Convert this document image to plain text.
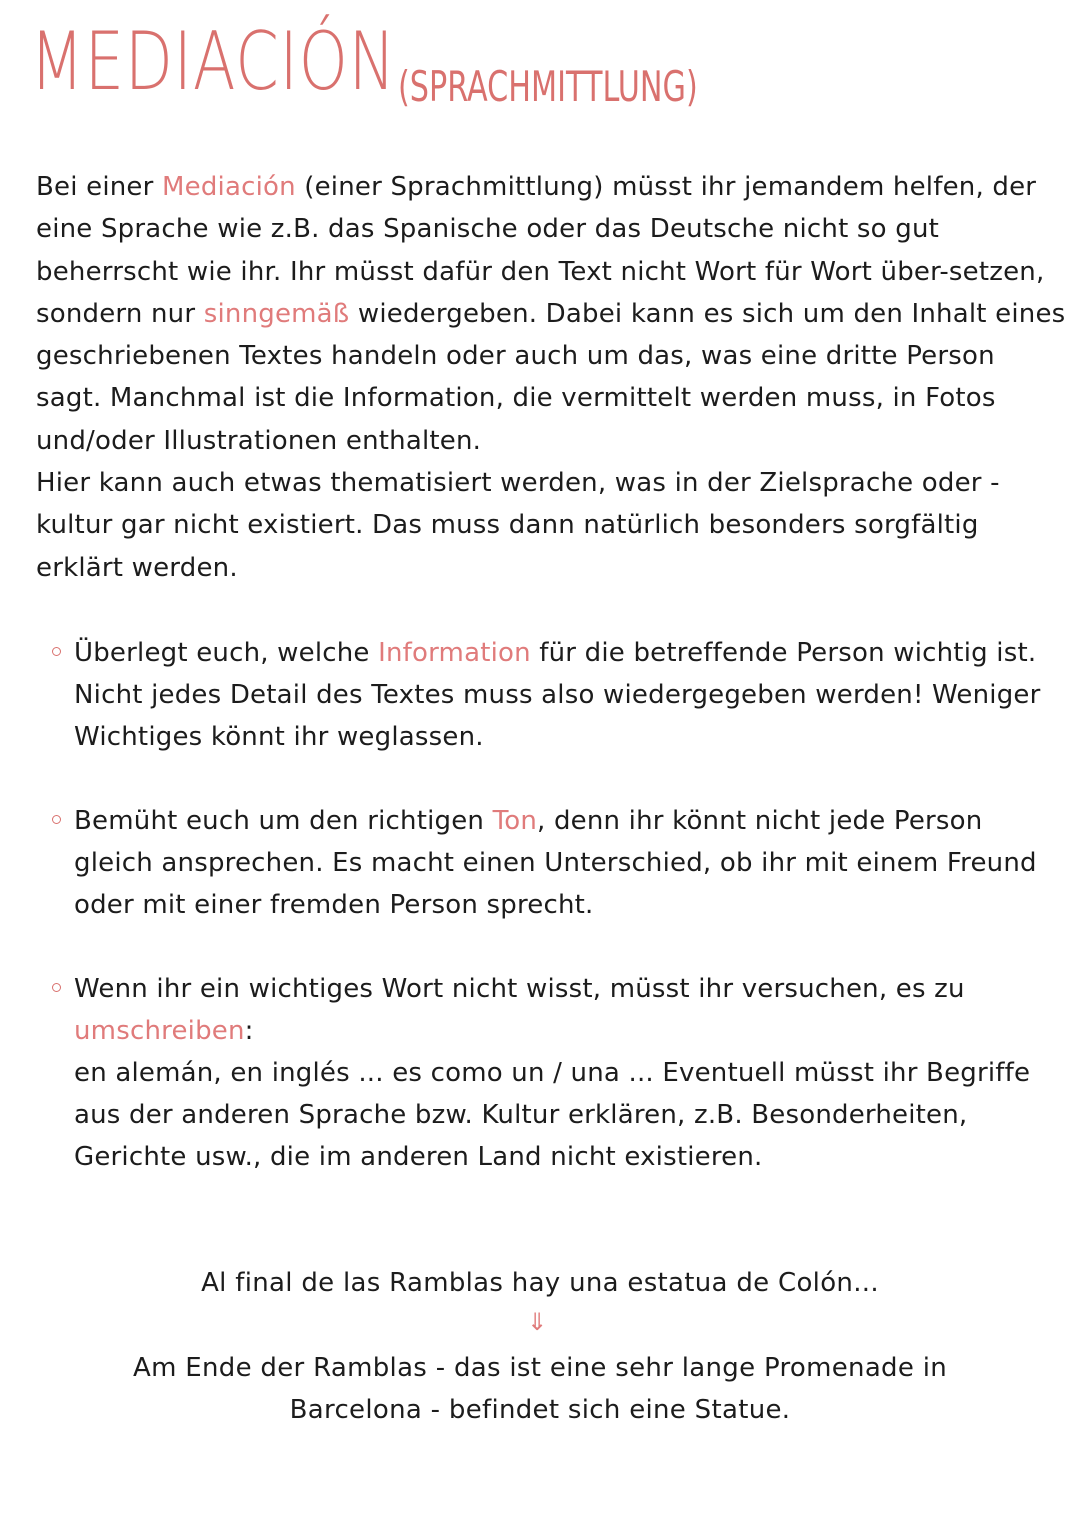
MEDIACIÓN (SPRACHMITTLUNG)

Bei einer Mediación (einer Sprachmittlung) müsst ihr jemandem helfen, der eine Sprache wie z.B. das Spanische oder das Deutsche nicht so gut beherrscht wie ihr. Ihr müsst dafür den Text nicht Wort für Wort über-setzen, sondern nur sinngemäß wiedergeben. Dabei kann es sich um den Inhalt eines geschriebenen Textes handeln oder auch um das, was eine dritte Person sagt. Manchmal ist die Information, die vermittelt werden muss, in Fotos und/oder Illustrationen enthalten.

Hier kann auch etwas thematisiert werden, was in der Zielsprache oder -kultur gar nicht existiert. Das muss dann natürlich besonders sorgfältig erklärt werden.

Überlegt euch, welche Information für die betreffende Person wichtig ist. Nicht jedes Detail des Textes muss also wiedergegeben werden! Weniger Wichtiges könnt ihr weglassen.

Bemüht euch um den richtigen Ton, denn ihr könnt nicht jede Person gleich ansprechen. Es macht einen Unterschied, ob ihr mit einem Freund oder mit einer fremden Person sprecht.

Wenn ihr ein wichtiges Wort nicht wisst, müsst ihr versuchen, es zu umschreiben:

en alemán, en inglés ... es como un / una ... Eventuell müsst ihr Begriffe aus der anderen Sprache bzw. Kultur erklären, z.B. Besonderheiten, Gerichte usw., die im anderen Land nicht existieren.

Al final de las Ramblas hay una estatua de Colón...
⇓
Am Ende der Ramblas - das ist eine sehr lange Promenade in
Barcelona - befindet sich eine Statue.
